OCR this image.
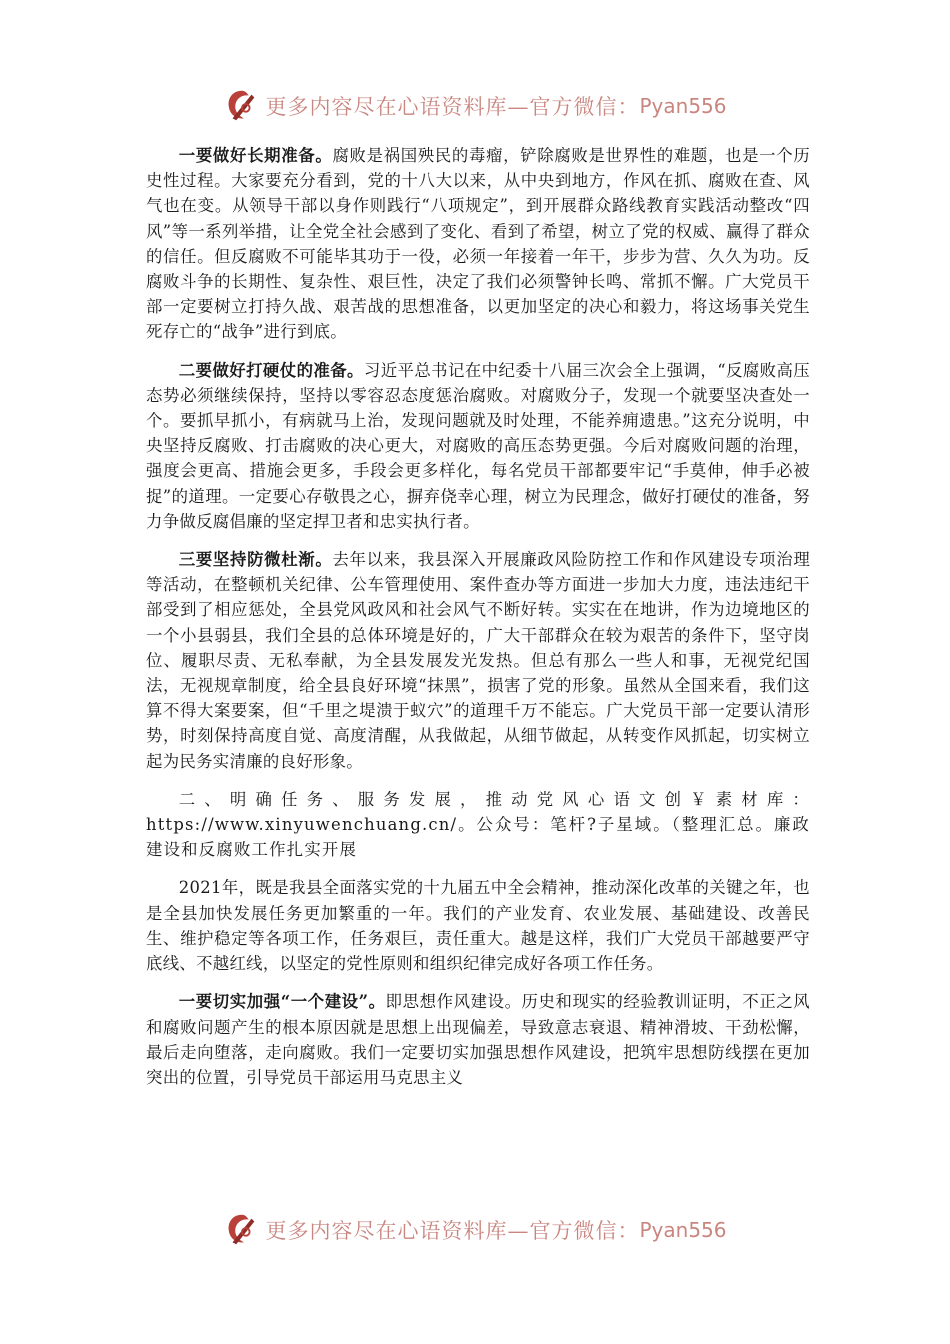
更多内容尽在心语资料库—官方微信： Pyan556

一要做好长期准备。腐败是祸国殃民的毒瘤，铲除腐败是世界性的难题，也是一个历史性过程。大家要充分看到，党的十八大以来，从中央到地方，作风在抓、腐败在查、风气也在变。从领导干部以身作则践行“八项规定”，到开展群众路线教育实践活动整改“四风”等一系列举措，让全党全社会感到了变化、看到了希望，树立了党的权威、赢得了群众的信任。但反腐败不可能毕其功于一役，必须一年接着一年干，步步为营、久久为功。反腐败斗争的长期性、复杂性、艰巨性，决定了我们必须警钟长鸣、常抓不懈。广大党员干部一定要树立打持久战、艰苦战的思想准备，以更加坚定的决心和毅力，将这场事关党生死存亡的“战争”进行到底。

二要做好打硬仗的准备。习近平总书记在中纪委十八届三次会全上强调，“反腐败高压态势必须继续保持，坚持以零容忍态度惩治腐败。对腐败分子，发现一个就要坚决查处一个。要抓早抓小，有病就马上治，发现问题就及时处理，不能养痈遗患。”这充分说明，中央坚持反腐败、打击腐败的决心更大，对腐败的高压态势更强。今后对腐败问题的治理，强度会更高、措施会更多，手段会更多样化，每名党员干部都要牢记“手莫伸，伸手必被捉”的道理。一定要心存敬畏之心，摒弃侥幸心理，树立为民理念，做好打硬仗的准备，努力争做反腐倡廉的坚定捍卫者和忠实执行者。

三要坚持防微杜渐。去年以来，我县深入开展廉政风险防控工作和作风建设专项治理等活动，在整顿机关纪律、公车管理使用、案件查办等方面进一步加大力度，违法违纪干部受到了相应惩处，全县党风政风和社会风气不断好转。实实在在地讲，作为边境地区的一个小县弱县，我们全县的总体环境是好的，广大干部群众在较为艰苦的条件下，坚守岗位、履职尽责、无私奉献，为全县发展发光发热。但总有那么一些人和事，无视党纪国法，无视规章制度，给全县良好环境“抹黑”，损害了党的形象。虽然从全国来看，我们这算不得大案要案，但“千里之堤溃于蚁穴”的道理千万不能忘。广大党员干部一定要认清形势，时刻保持高度自觉、高度清醒，从我做起，从细节做起，从转变作风抓起，切实树立起为民务实清廉的良好形象。

二、明确任务、服务发展，推动党风心语文创￥素材库：https://www.xinyuwenchuang.cn/。公众号：笔杆?子星域。（整理汇总。廉政建设和反腐败工作扎实开展

2021年，既是我县全面落实党的十九届五中全会精神，推动深化改革的关键之年，也是全县加快发展任务更加繁重的一年。我们的产业发育、农业发展、基础建设、改善民生、维护稳定等各项工作，任务艰巨，责任重大。越是这样，我们广大党员干部越要严守底线、不越红线，以坚定的党性原则和组织纪律完成好各项工作任务。

一要切实加强“一个建设”。即思想作风建设。历史和现实的经验教训证明，不正之风和腐败问题产生的根本原因就是思想上出现偏差，导致意志衰退、精神滑坡、干劲松懈，最后走向堕落，走向腐败。我们一定要切实加强思想作风建设，把筑牢思想防线摆在更加突出的位置，引导党员干部运用马克思主义

更多内容尽在心语资料库—官方微信： Pyan556
